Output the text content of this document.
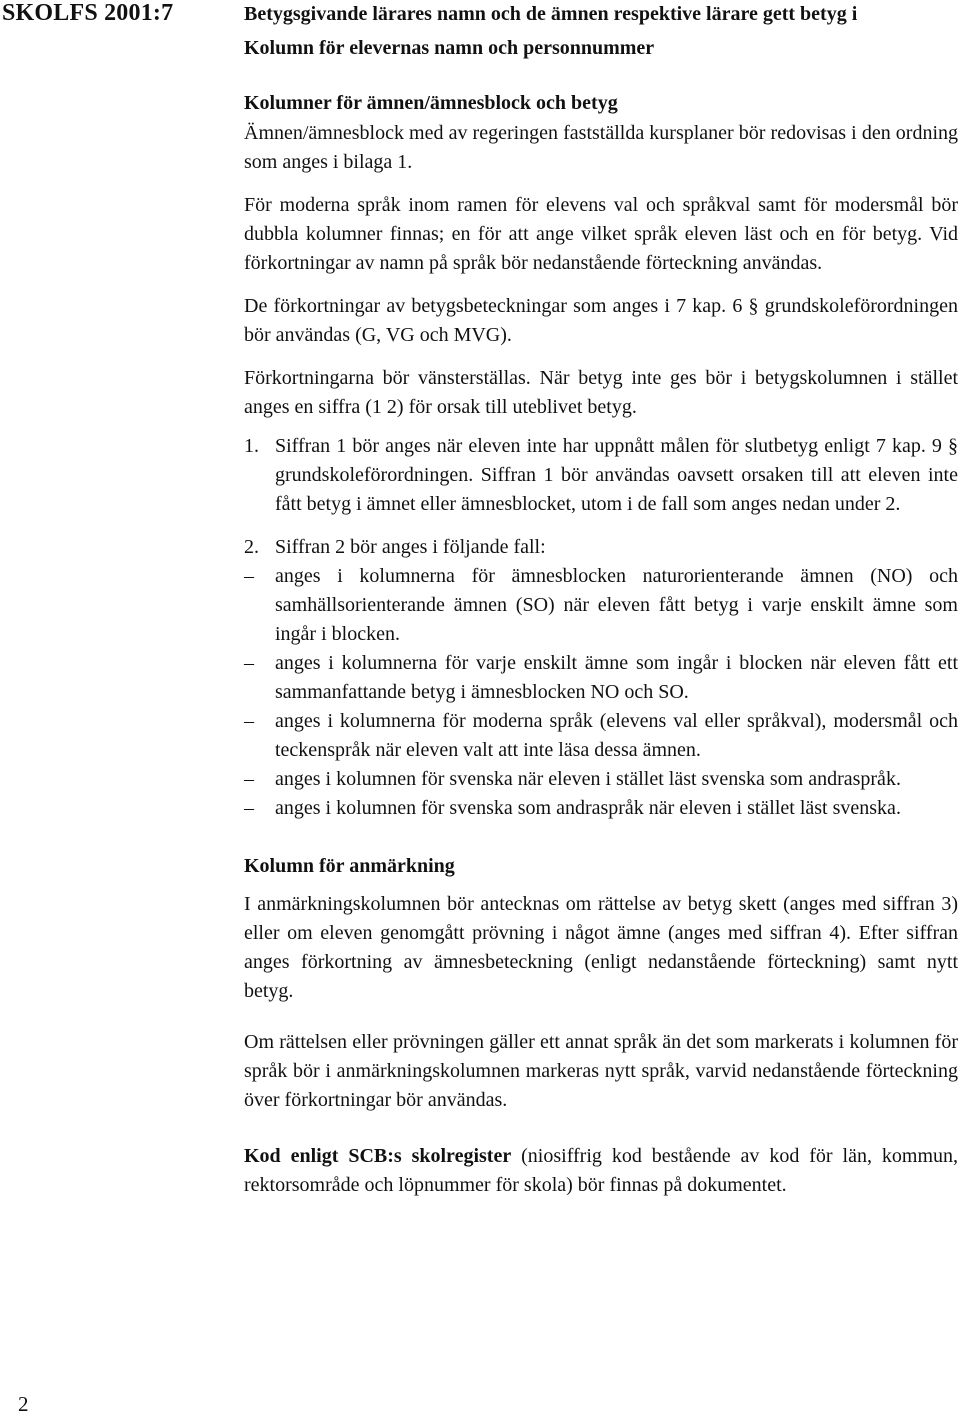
SKOLFS 2001:7	Betygsgivande lärares namn och de ämnen respektive lärare gett betyg i

Kolumn för elevernas namn och personnummer

Kolumner för ämnen/ämnesblock och betyg

Ämnen/ämnesblock med av regeringen fastställda kursplaner bör redovisas i den ordning som anges i bilaga 1.

För moderna språk inom ramen för elevens val och språkval samt för modersmål bör dubbla kolumner finnas; en för att ange vilket språk eleven läst och en för betyg. Vid förkortningar av namn på språk bör nedanstående förteckning användas.

De förkortningar av betygsbeteckningar som anges i 7 kap. 6 § grundskoleförordningen bör användas (G, VG och MVG).

Förkortningarna bör vänsterställas. När betyg inte ges bör i betygskolumnen i stället anges en siffra (1 2) för orsak till uteblivet betyg.

1. Siffran 1 bör anges när eleven inte har uppnått målen för slutbetyg enligt 7 kap. 9 § grundskoleförordningen. Siffran 1 bör användas oavsett orsaken till att eleven inte fått betyg i ämnet eller ämnesblocket, utom i de fall som anges nedan under 2.
2. Siffran 2 bör anges i följande fall:
–	anges i kolumnerna för ämnesblocken naturorienterande ämnen (NO) och samhällsorienterande ämnen (SO) när eleven fått betyg i varje enskilt ämne som ingår i blocken.
–	anges i kolumnerna för varje enskilt ämne som ingår i blocken när eleven fått ett sammanfattande betyg i ämnesblocken NO och SO.
–	anges i kolumnerna för moderna språk (elevens val eller språkval), modersmål och teckenspråk när eleven valt att inte läsa dessa ämnen.
–	anges i kolumnen för svenska när eleven i stället läst svenska som andraspråk.
–	anges i kolumnen för svenska som andraspråk när eleven i stället läst svenska.

Kolumn för anmärkning

I anmärkningskolumnen bör antecknas om rättelse av betyg skett (anges med siffran 3) eller om eleven genomgått prövning i något ämne (anges med siffran 4). Efter siffran anges förkortning av ämnesbeteckning (enligt nedanstående förteckning) samt nytt betyg.

Om rättelsen eller prövningen gäller ett annat språk än det som markerats i kolumnen för språk bör i anmärkningskolumnen markeras nytt språk, varvid nedanstående förteckning över förkortningar bör användas.

Kod enligt SCB:s skolregister (niosiffrig kod bestående av kod för län, kommun, rektorsområde och löpnummer för skola) bör finnas på dokumentet.

2
